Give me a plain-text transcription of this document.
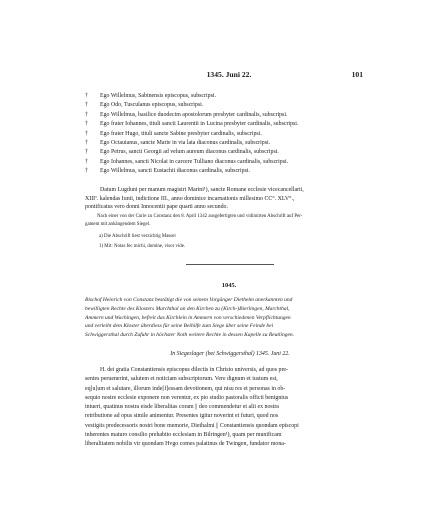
1345. Juni 22.	101
† Ego Willelmus, Sabinensis episcopus, subscripsi.
† Ego Odo, Tusculanus episcopus, subscripsi.
† Ego Willelmus, basilice duodecim apostolorum presbyter cardinalis, subscripsi.
† Ego frater Iohannes, tituli sancti Laurentii in Lucina presbyter cardinalis, subscripsi.
† Ego frater Hugo, tituli sancte Sabine presbyter cardinalis, subscripsi.
† Ego Octauianus, sancte Marie in via lata diaconus cardinalis, subscripsi.
† Ego Petrus, sancti Georgii ad velum aureum diaconus cardinalis, subscripsi.
† Ego Iohannes, sancti Nicolai in carcere Tulliano diaconus cardinalis, subscripsi.
† Ego Willelmus, sancti Eustachii diaconus cardinalis, subscripsi.

Datum Lugduni per manum magistri Marini¹), sancte Romane ecclesie vicecancellarii,

XIIIª. kalendas Iunii, indictione III., anno dominice incarnationis millesimo CC°. XLV°.,

pontificatus vero donni Innocentii pape quarti anno secundo.

Nach einer von der Curie zu Constanz den 8. April 1342 ausgefertigten und vidimirten Abschrift auf Per-

gament mit anhängendem Siegel.

a) Die Abschrift liest verzichtig Massei

1) Mit: Notas fec michi, domine, visor vide.

1045.

Bischof Heinrich von Constanz bestätigt die von seinem Vorgänger Diethelm anerkannten und

bewilligten Rechte des Klosters Marchthal an den Kirchen zu (Kirch-)Bierlingen, Marchthal,

Ammern und Wachingen, befreit das Kirchlein in Ammern von verschiedenen Verpflichtungen

und verleiht dem Kloster überdiess für seine Beihilfe zum Siege über seine Feinde bei

Schwiggersthal durch Zufuhr in höchster Noth weitere Rechte in dessen Kapelle zu Reutlingen.

In Siegeslager (bei Schwiggersthal) 1345. Juni 22.

H. dei gratia Constantiensis episcopus dilectis in Christo universis, ad quos pre-

sentes peruenerint, salutem et noticiam subscriptorum. Vere dignum et iustum est,

eq[u]um et salutare, illorum inde[f]essam devotionem, qui nisu res et personas in ob-

sequio nostre ecclesie exponere non verentur, ex pio studio pastoralis officii benignius

intueri, quatinus nostra eisde liberalitas coram || deo commendetur et alii ex nostra

retributione ad opus simile animentur. Presentes igitur noverint et futuri, quod nos

vestigiis predecessoris nostri bone memorie, Diethalmi || Constantiensis quondam episcopi

inherentes maturo consilio prehabito ecclesiam in Bilringen¹), quam per munificam

liberalitatem nobilis vir quondam Hvgo comes palatinus de Twingen, fundator mona-
